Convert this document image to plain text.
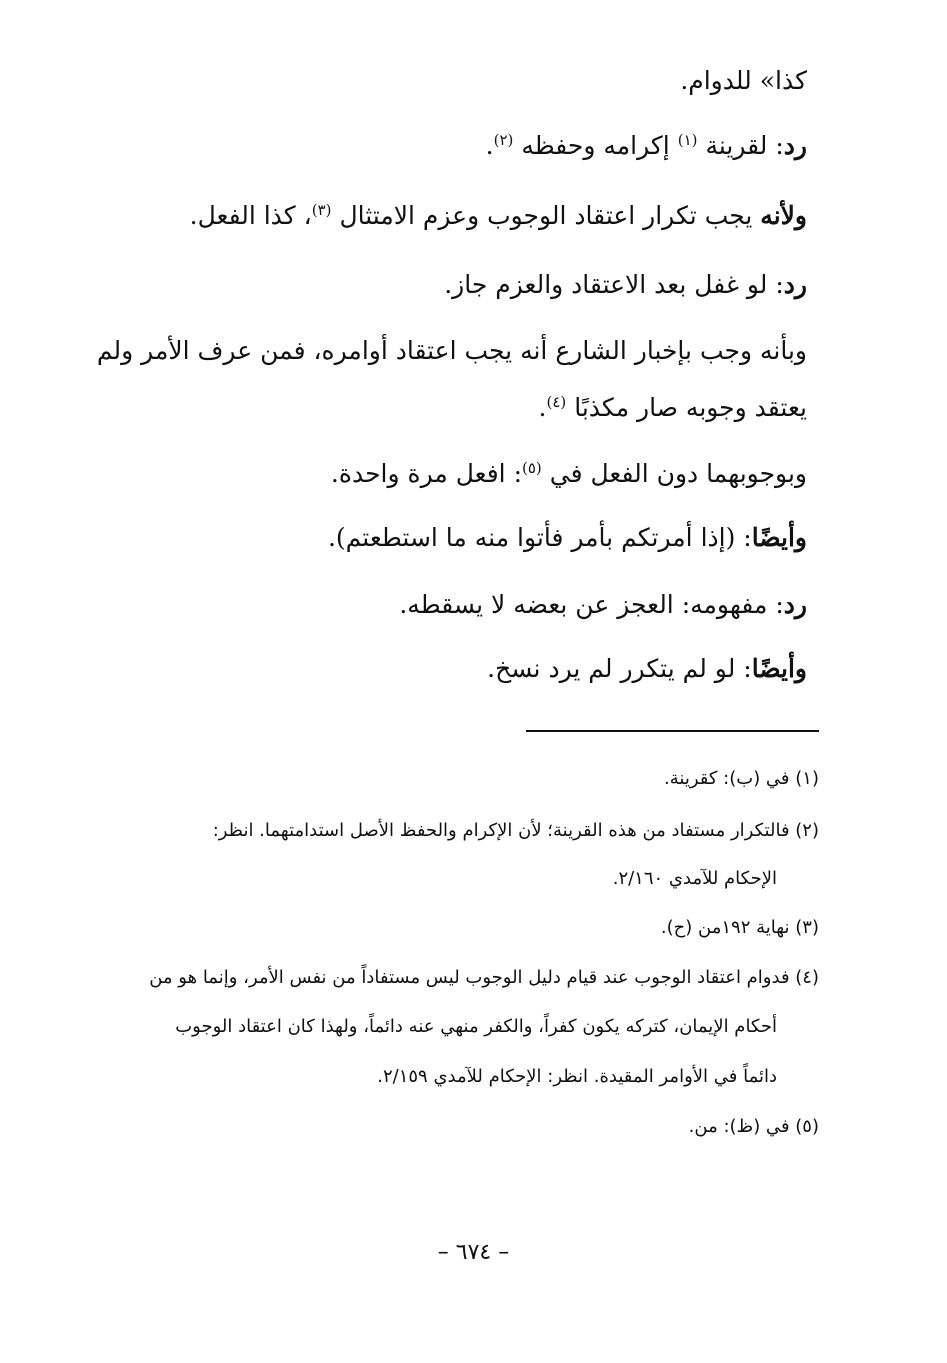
كذا» للدوام.
رد: لقرينة $^{(١)}$ إكرامه وحفظه $^{(٢)}$.
ولأنه يجب تكرار اعتقاد الوجوب وعزم الامتثال $^{(٣)}$، كذا الفعل.
رد: لو غفل بعد الاعتقاد والعزم جاز.
وبأنه وجب بإخبار الشارع أنه يجب اعتقاد أوامره، فمن عرف الأمر ولم
يعتقد وجوبه صار مكذبًا $^{(٤)}$.
وبوجوبهما دون الفعل في $^{(٥)}$: افعل مرة واحدة.
وأيضًا: (إذا أمرتكم بأمر فأتوا منه ما استطعتم).
رد: مفهومه: العجز عن بعضه لا يسقطه.
وأيضًا: لو لم يتكرر لم يرد نسخ.
(١) في (ب): كقرينة.
(٢) فالتكرار مستفاد من هذه القرينة؛ لأن الإكرام والحفظ الأصل استدامتهما. انظر:
الإحكام للآمدي ٢/١٦٠.
(٣) نهاية ١٩٢من (ح).
(٤) فدوام اعتقاد الوجوب عند قيام دليل الوجوب ليس مستفاداً من نفس الأمر، وإنما هو من
أحكام الإيمان، كتركه يكون كفراً، والكفر منهي عنه دائماً، ولهذا كان اعتقاد الوجوب
دائماً في الأوامر المقيدة. انظر: الإحكام للآمدي ٢/١٥٩.
(٥) في (ظ): من.
– ٦٧٤ –
